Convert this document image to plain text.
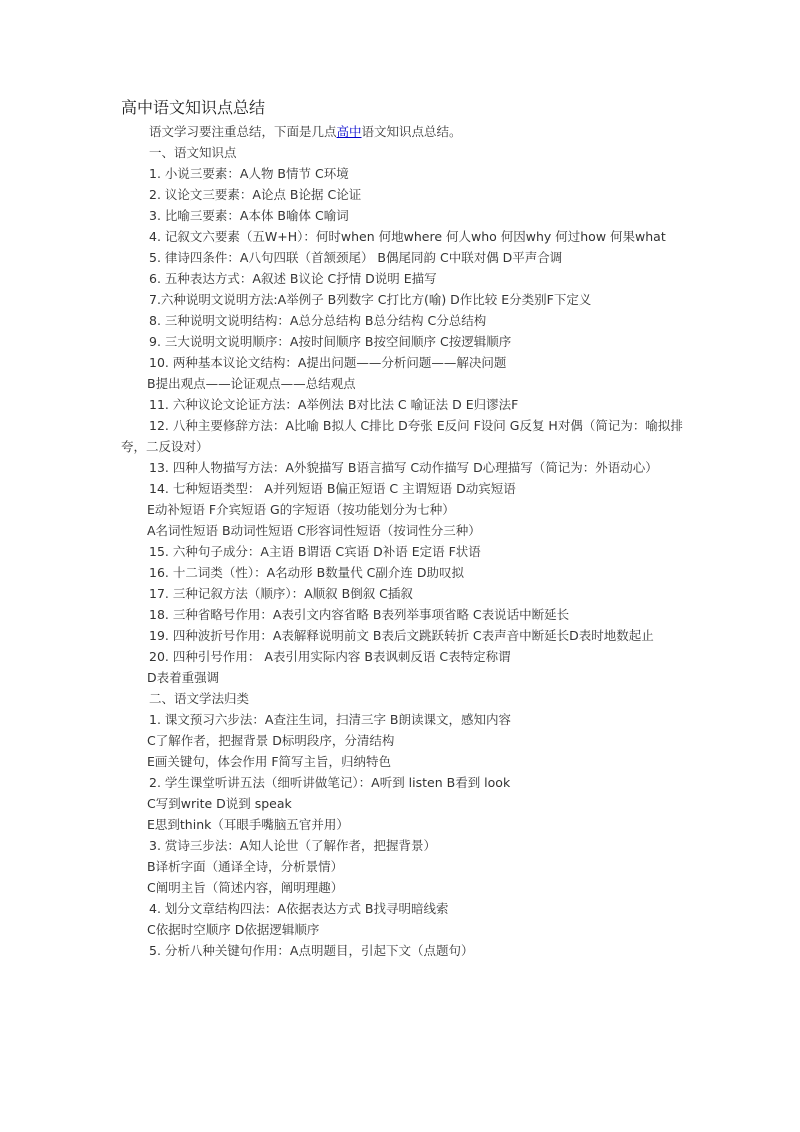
高中语文知识点总结
语文学习要注重总结，下面是几点高中语文知识点总结。
一、语文知识点
1. 小说三要素：A人物 B情节 C环境
2. 议论文三要素：A论点 B论据 C论证
3. 比喻三要素：A本体 B喻体 C喻词
4. 记叙文六要素（五W+H）：何时when 何地where 何人who 何因why 何过how 何果what
5. 律诗四条件：A八句四联（首颔颈尾） B偶尾同韵 C中联对偶 D平声合调
6. 五种表达方式：A叙述 B议论 C抒情 D说明 E描写
7.六种说明文说明方法:A举例子 B列数字 C打比方(喻) D作比较 E分类别F下定义
8. 三种说明文说明结构：A总分总结构 B总分结构 C分总结构
9. 三大说明文说明顺序：A按时间顺序 B按空间顺序 C按逻辑顺序
10. 两种基本议论文结构：A提出问题——分析问题——解决问题
B提出观点——论证观点——总结观点
11. 六种议论文论证方法：A举例法 B对比法 C 喻证法 D E归谬法F
12. 八种主要修辞方法：A比喻 B拟人 C排比 D夸张 E反问 F设问 G反复 H对偶（简记为：喻拟排夸，二反设对）
13. 四种人物描写方法：A外貌描写 B语言描写 C动作描写 D心理描写（简记为：外语动心）
14. 七种短语类型： A并列短语 B偏正短语 C 主谓短语 D动宾短语
E动补短语 F介宾短语 G的字短语（按功能划分为七种）
A名词性短语 B动词性短语 C形容词性短语（按词性分三种）
15. 六种句子成分：A主语 B谓语 C宾语 D补语 E定语 F状语
16. 十二词类（性）：A名动形 B数量代 C副介连 D助叹拟
17. 三种记叙方法（顺序）：A顺叙 B倒叙 C插叙
18. 三种省略号作用：A表引文内容省略 B表列举事项省略 C表说话中断延长
19. 四种波折号作用：A表解释说明前文 B表后文跳跃转折 C表声音中断延长D表时地数起止
20. 四种引号作用： A表引用实际内容 B表讽刺反语 C表特定称谓
D表着重强调
二、语文学法归类
1. 课文预习六步法：A查注生词，扫清三字 B朗读课文，感知内容
C了解作者，把握背景 D标明段序，分清结构
E画关键句，体会作用 F简写主旨，归纳特色
2. 学生课堂听讲五法（细听讲做笔记）：A听到 listen B看到 look
C写到write D说到 speak
E思到think（耳眼手嘴脑五官并用）
3. 赏诗三步法：A知人论世（了解作者，把握背景）
B译析字面（通译全诗，分析景情）
C阐明主旨（简述内容，阐明理趣）
4. 划分文章结构四法：A依据表达方式 B找寻明暗线索
C依据时空顺序 D依据逻辑顺序
5. 分析八种关键句作用：A点明题目，引起下文（点题句）
